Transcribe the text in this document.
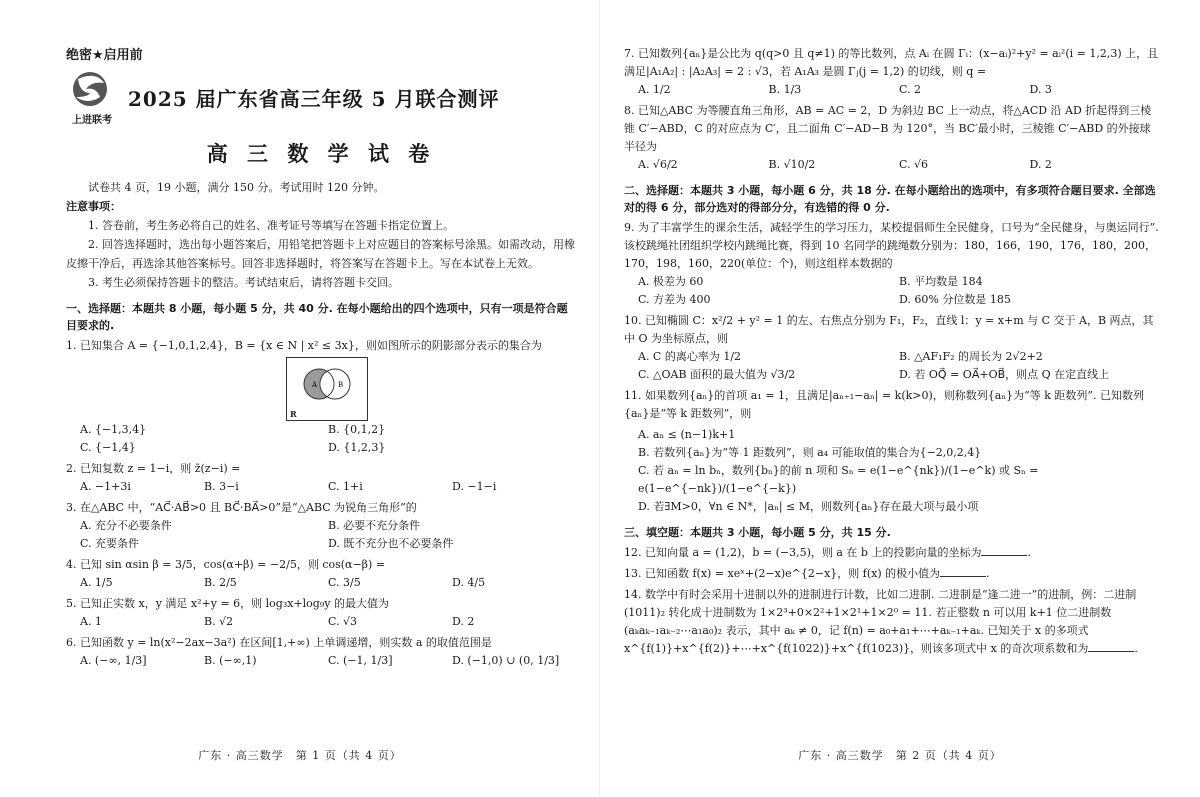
绝密★启用前
上进联考
2025 届广东省高三年级 5 月联合测评
高 三 数 学 试 卷

试卷共 4 页，19 小题，满分 150 分。考试用时 120 分钟。

注意事项：

1. 答卷前，考生务必将自己的姓名、准考证号等填写在答题卡指定位置上。

2. 回答选择题时，选出每小题答案后，用铅笔把答题卡上对应题目的答案标号涂黑。如需改动，用橡皮擦干净后，再选涂其他答案标号。回答非选择题时，将答案写在答题卡上。写在本试卷上无效。

3. 考生必须保持答题卡的整洁。考试结束后，请将答题卡交回。

一、选择题：本题共 8 小题，每小题 5 分，共 40 分. 在每小题给出的四个选项中，只有一项是符合题目要求的.
1. 已知集合 A = {−1,0,1,2,4}，B = {x ∈ N | x² ≤ 3x}，则如图所示的阴影部分表示的集合为
A	B
R
A. {−1,3,4}	B. {0,1,2}
C. {−1,4}	D. {1,2,3}
2. 已知复数 z = 1−i，则 z̄(z−i) =
A. −1+3i	B. 3−i	C. 1+i	D. −1−i
3. 在△ABC 中，“AC⃗·AB⃗>0 且 BC⃗·BA⃗>0”是“△ABC 为锐角三角形”的
A. 充分不必要条件	B. 必要不充分条件
C. 充要条件	D. 既不充分也不必要条件
4. 已知 sin αsin β = 3/5，cos(α+β) = −2/5，则 cos(α−β) =
A. 1/5	B. 2/5	C. 3/5	D. 4/5
5. 已知正实数 x，y 满足 x²+y = 6，则 log₃x+log₉y 的最大值为
A. 1	B. √2	C. √3	D. 2
6. 已知函数 y = ln(x²−2ax−3a²) 在区间[1,+∞) 上单调递增，则实数 a 的取值范围是
A. (−∞, 1/3]	B. (−∞,1)	C. (−1, 1/3]	D. (−1,0) ∪ (0, 1/3]
广东 · 高三数学　第 1 页（共 4 页）
7. 已知数列{aₙ}是公比为 q(q>0 且 q≠1) 的等比数列，点 Aᵢ 在圆 Γᵢ：(x−aᵢ)²+y² = aᵢ²(i = 1,2,3) 上，且满足|A₁A₂| : |A₂A₃| = 2 : √3，若 A₁A₃ 是圆 Γⱼ(j = 1,2) 的切线，则 q =
A. 1/2	B. 1/3	C. 2	D. 3
8. 已知△ABC 为等腰直角三角形，AB = AC = 2，D 为斜边 BC 上一动点，将△ACD 沿 AD 折起得到三棱锥 C′−ABD，C 的对应点为 C′，且二面角 C′−AD−B 为 120°，当 BC′最小时，三棱锥 C′−ABD 的外接球半径为
A. √6/2	B. √10/2	C. √6	D. 2
二、选择题：本题共 3 小题，每小题 6 分，共 18 分. 在每小题给出的选项中，有多项符合题目要求. 全部选对的得 6 分，部分选对的得部分分，有选错的得 0 分.
9. 为了丰富学生的课余生活，减轻学生的学习压力，某校提倡师生全民健身，口号为“全民健身，与奥运同行”. 该校跳绳社团组织学校内跳绳比赛，得到 10 名同学的跳绳数分别为：180，166，190，176，180，200，170，198，160，220(单位：个)，则这组样本数据的
A. 极差为 60	B. 平均数是 184
C. 方差为 400	D. 60% 分位数是 185
10. 已知椭圆 C：x²/2 + y² = 1 的左、右焦点分别为 F₁，F₂，直线 l：y = x+m 与 C 交于 A，B 两点，其中 O 为坐标原点，则
A. C 的离心率为 1/2	B. △AF₁F₂ 的周长为 2√2+2
C. △OAB 面积的最大值为 √3/2	D. 若 OQ⃗ = OA⃗+OB⃗，则点 Q 在定直线上
11. 如果数列{aₙ}的首项 a₁ = 1，且满足|aₙ₊₁−aₙ| = k(k>0)，则称数列{aₙ}为“等 k 距数列”. 已知数列{aₙ}是“等 k 距数列”，则
A. aₙ ≤ (n−1)k+1
B. 若数列{aₙ}为“等 1 距数列”，则 a₄ 可能取值的集合为{−2,0,2,4}
C. 若 aₙ = ln bₙ，数列{bₙ}的前 n 项和 Sₙ = e(1−e^{nk})/(1−e^k) 或 Sₙ = e(1−e^{−nk})/(1−e^{−k})
D. 若∃M>0，∀n ∈ N*，|aₙ| ≤ M，则数列{aₙ}存在最大项与最小项
三、填空题：本题共 3 小题，每小题 5 分，共 15 分.
12. 已知向量 a = (1,2)，b = (−3,5)，则 a 在 b 上的投影向量的坐标为	.
13. 已知函数 f(x) = xeˣ+(2−x)e^{2−x}，则 f(x) 的极小值为	.
14. 数学中有时会采用十进制以外的进制进行计数，比如二进制. 二进制是“逢二进一”的进制，例：二进制(1011)₂ 转化成十进制数为 1×2³+0×2²+1×2¹+1×2⁰ = 11. 若正整数 n 可以用 k+1 位二进制数(aₖaₖ₋₁aₖ₋₂⋯a₁a₀)₂ 表示，其中 aₖ ≠ 0，记 f(n) = a₀+a₁+⋯+aₖ₋₁+aₖ. 已知关于 x 的多项式 x^{f(1)}+x^{f(2)}+⋯+x^{f(1022)}+x^{f(1023)}，则该多项式中 x 的奇次项系数和为	.
广东 · 高三数学　第 2 页（共 4 页）
